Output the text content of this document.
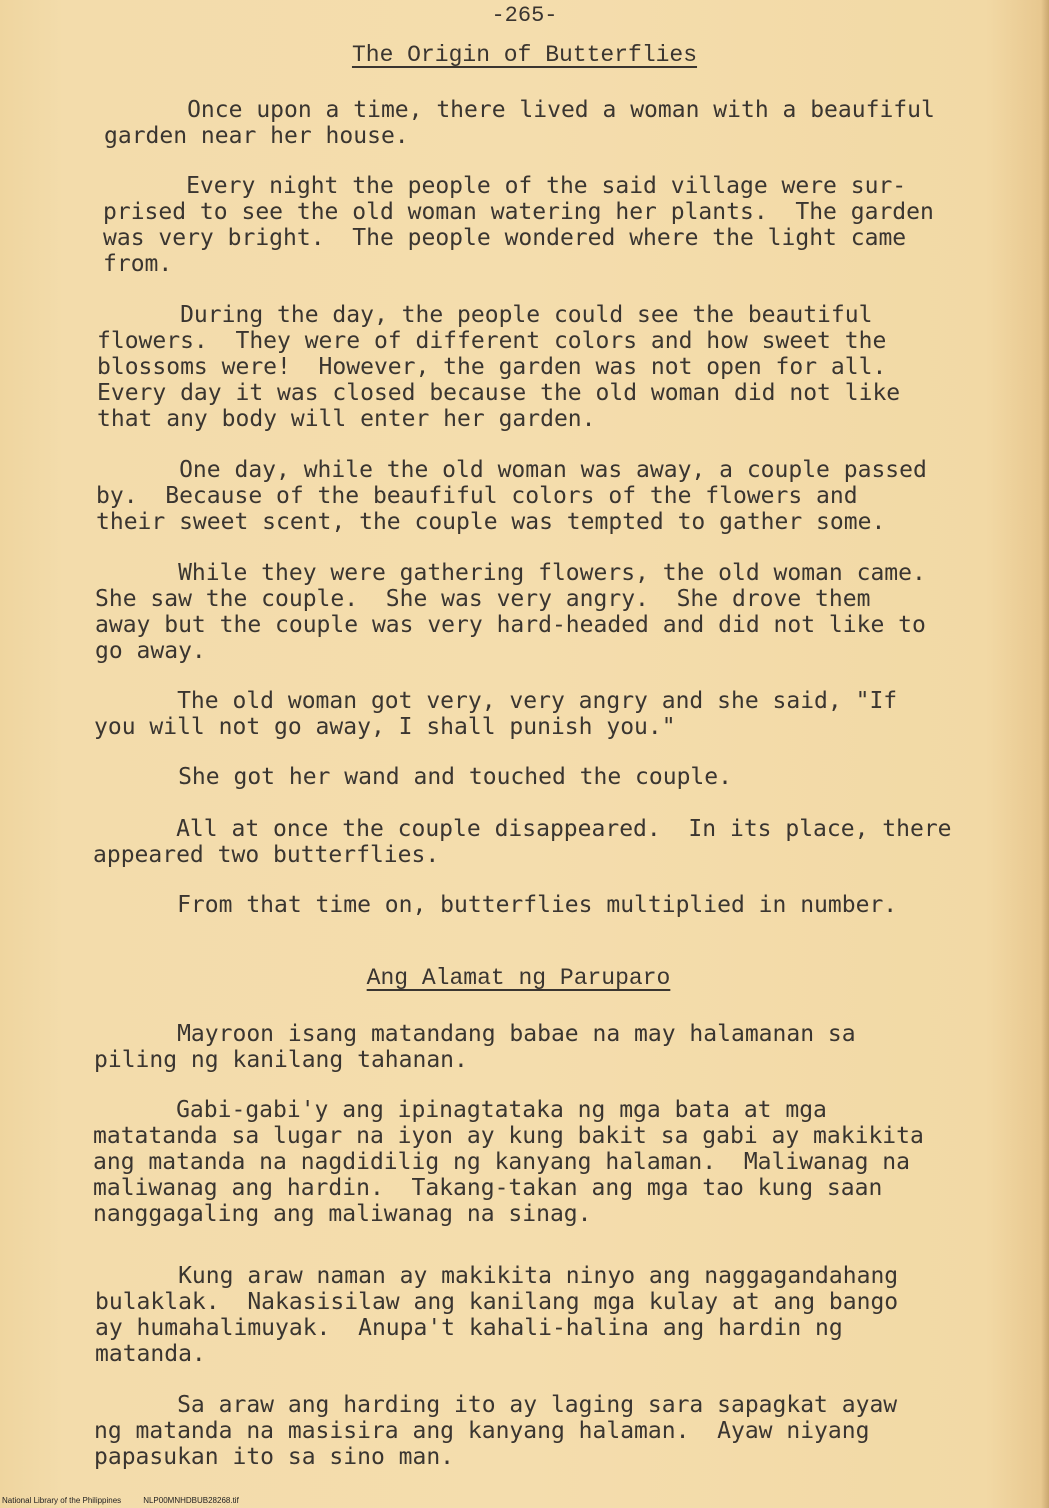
-265-
The Origin of Butterflies
Once upon a time, there lived a woman with a beaufiful
garden near her house.
Every night the people of the said village were sur-
prised to see the old woman watering her plants.  The garden
was very bright.  The people wondered where the light came
from.
During the day, the people could see the beautiful
flowers.  They were of different colors and how sweet the
blossoms were!  However, the garden was not open for all.
Every day it was closed because the old woman did not like
that any body will enter her garden.
One day, while the old woman was away, a couple passed
by.  Because of the beaufiful colors of the flowers and
their sweet scent, the couple was tempted to gather some.
While they were gathering flowers, the old woman came.
She saw the couple.  She was very angry.  She drove them
away but the couple was very hard-headed and did not like to
go away.
The old woman got very, very angry and she said, "If
you will not go away, I shall punish you."
She got her wand and touched the couple.
All at once the couple disappeared.  In its place, there
appeared two butterflies.
From that time on, butterflies multiplied in number.
Ang Alamat ng Paruparo
Mayroon isang matandang babae na may halamanan sa
piling ng kanilang tahanan.
Gabi-gabi'y ang ipinagtataka ng mga bata at mga
matatanda sa lugar na iyon ay kung bakit sa gabi ay makikita
ang matanda na nagdidilig ng kanyang halaman.  Maliwanag na
maliwanag ang hardin.  Takang-takan ang mga tao kung saan
nanggagaling ang maliwanag na sinag.
Kung araw naman ay makikita ninyo ang naggagandahang
bulaklak.  Nakasisilaw ang kanilang mga kulay at ang bango
ay humahalimuyak.  Anupa't kahali-halina ang hardin ng
matanda.
Sa araw ang harding ito ay laging sara sapagkat ayaw
ng matanda na masisira ang kanyang halaman.  Ayaw niyang
papasukan ito sa sino man.
National Library of the Philippines	NLP00MNHDBUB28268.tif
